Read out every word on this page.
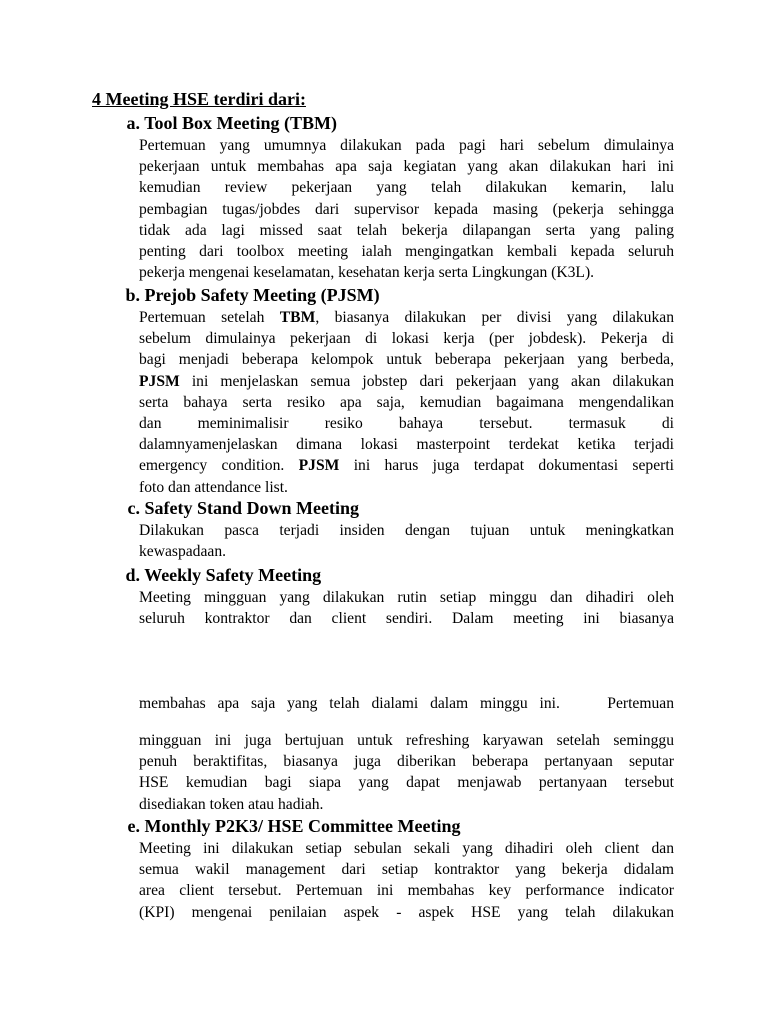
4 Meeting HSE terdiri dari:
a. Tool Box Meeting (TBM)
Pertemuan yang umumnya dilakukan pada pagi hari sebelum dimulainya
pekerjaan untuk membahas apa saja kegiatan yang akan dilakukan hari ini
kemudian review pekerjaan yang telah dilakukan kemarin, lalu
pembagian tugas/jobdes dari supervisor kepada masing (pekerja sehingga
tidak ada lagi missed saat telah bekerja dilapangan serta yang paling
penting dari toolbox meeting ialah mengingatkan kembali kepada seluruh
pekerja mengenai keselamatan, kesehatan kerja serta Lingkungan (K3L).
b. Prejob Safety Meeting (PJSM)
Pertemuan setelah TBM, biasanya dilakukan per divisi yang dilakukan
sebelum dimulainya pekerjaan di lokasi kerja (per jobdesk). Pekerja di
bagi menjadi beberapa kelompok untuk beberapa pekerjaan yang berbeda,
PJSM ini menjelaskan semua jobstep dari pekerjaan yang akan dilakukan
serta bahaya serta resiko apa saja, kemudian bagaimana mengendalikan
dan meminimalisir resiko bahaya tersebut. termasuk di
dalamnyamenjelaskan dimana lokasi masterpoint terdekat ketika terjadi
emergency condition. PJSM ini harus juga terdapat dokumentasi seperti
foto dan attendance list.
c. Safety Stand Down Meeting
Dilakukan pasca terjadi insiden dengan tujuan untuk meningkatkan
kewaspadaan.
d. Weekly Safety Meeting
Meeting mingguan yang dilakukan rutin setiap minggu dan dihadiri oleh
seluruh kontraktor dan client sendiri. Dalam meeting ini biasanya
membahas apa saja yang telah dialami dalam minggu ini.    Pertemuan
mingguan ini juga bertujuan untuk refreshing karyawan setelah seminggu
penuh beraktifitas, biasanya juga diberikan beberapa pertanyaan seputar
HSE kemudian bagi siapa yang dapat menjawab pertanyaan tersebut
disediakan token atau hadiah.
e. Monthly P2K3/ HSE Committee Meeting
Meeting ini dilakukan setiap sebulan sekali yang dihadiri oleh client dan
semua wakil management dari setiap kontraktor yang bekerja didalam
area client tersebut. Pertemuan ini membahas key performance indicator
(KPI) mengenai penilaian aspek - aspek HSE yang telah dilakukan
